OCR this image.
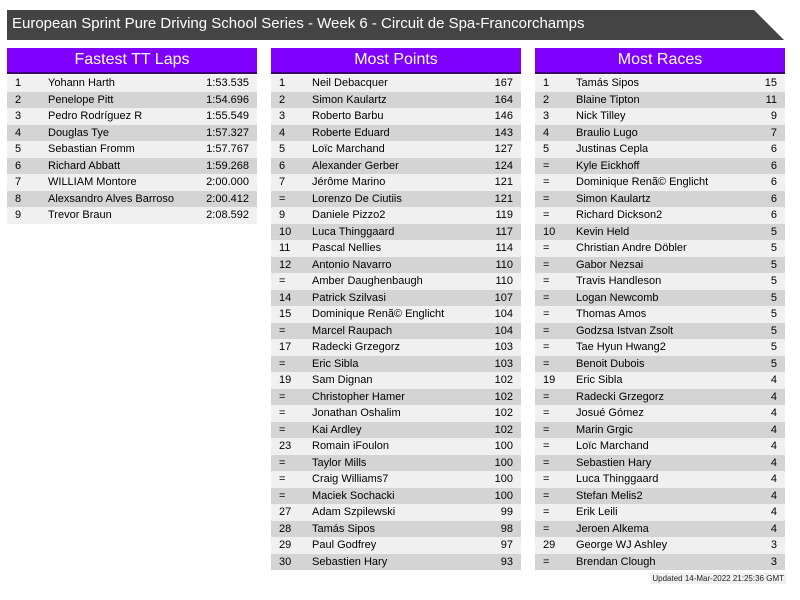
European Sprint Pure Driving School Series - Week 6 - Circuit de Spa-Francorchamps
Fastest TT Laps
1 Yohann Harth	1:53.535
2 Penelope Pitt	1:54.696
3 Pedro Rodríguez R	1:55.549
4 Douglas Tye	1:57.327
5 Sebastian Fromm	1:57.767
6 Richard Abbatt	1:59.268
7 WILLIAM Montore	2:00.000
8 Alexsandro Alves Barroso	2:00.412
9 Trevor Braun	2:08.592
Most Points
1 Neil Debacquer	167
2 Simon Kaulartz	164
3 Roberto Barbu	146
4 Roberte Eduard	143
5 Loïc Marchand	127
6 Alexander Gerber	124
7 Jérôme Marino	121
= Lorenzo De Ciutiis	121
9 Daniele Pizzo2	119
10 Luca Thinggaard	117
11 Pascal Nellies	114
12 Antonio Navarro	110
= Amber Daughenbaugh	110
14 Patrick Szilvasi	107
15 Dominique Renã© Englicht	104
= Marcel Raupach	104
17 Radecki Grzegorz	103
= Eric Sibla	103
19 Sam Dignan	102
= Christopher Hamer	102
= Jonathan Oshalim	102
= Kai Ardley	102
23 Romain iFoulon	100
= Taylor Mills	100
= Craig Williams7	100
= Maciek Sochacki	100
27 Adam Szpilewski	99
28 Tamás Sipos	98
29 Paul Godfrey	97
30 Sebastien Hary	93
Most Races
1 Tamás Sipos	15
2 Blaine Tipton	11
3 Nick Tilley	9
4 Braulio Lugo	7
5 Justinas Cepla	6
= Kyle Eickhoff	6
= Dominique Renã© Englicht	6
= Simon Kaulartz	6
= Richard Dickson2	6
10 Kevin Held	5
= Christian Andre Döbler	5
= Gabor Nezsai	5
= Travis Handleson	5
= Logan Newcomb	5
= Thomas Amos	5
= Godzsa Istvan Zsolt	5
= Tae Hyun Hwang2	5
= Benoit Dubois	5
19 Eric Sibla	4
= Radecki Grzegorz	4
= Josué Gómez	4
= Marin Grgic	4
= Loïc Marchand	4
= Sebastien Hary	4
= Luca Thinggaard	4
= Stefan Melis2	4
= Erik Leili	4
= Jeroen Alkema	4
29 George WJ Ashley	3
= Brendan Clough	3
Updated 14-Mar-2022 21:25:36 GMT
